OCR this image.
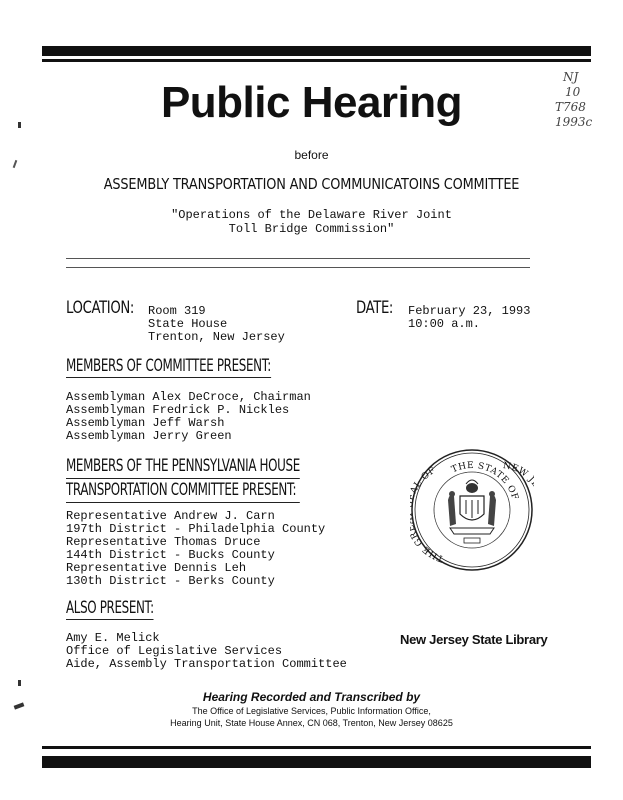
NJ
10
T768
1993c
Public Hearing
before
ASSEMBLY TRANSPORTATION AND COMMUNICATOINS COMMITTEE
"Operations of the Delaware River Joint
Toll Bridge Commission"
LOCATION: Room 319
State House
Trenton, New Jersey
DATE: February 23, 1993
10:00 a.m.
MEMBERS OF COMMITTEE PRESENT:
Assemblyman Alex DeCroce, Chairman
Assemblyman Fredrick P. Nickles
Assemblyman Jeff Warsh
Assemblyman Jerry Green
MEMBERS OF THE PENNSYLVANIA HOUSE
TRANSPORTATION COMMITTEE PRESENT:
Representative Andrew J. Carn
197th District - Philadelphia County
Representative Thomas Druce
144th District - Bucks County
Representative Dennis Leh
130th District - Berks County
THE STATE OF
NEW
THE G AL OF
ALSO PRESENT:
Amy E. Melick
Office of Legislative Services
Aide, Assembly Transportation Committee
New Jersey State Library
Hearing Recorded and Transcribed by
The Office of Legislative Services, Public Information Office,
Hearing Unit, State House Annex, CN 068, Trenton, New Jersey 08625
